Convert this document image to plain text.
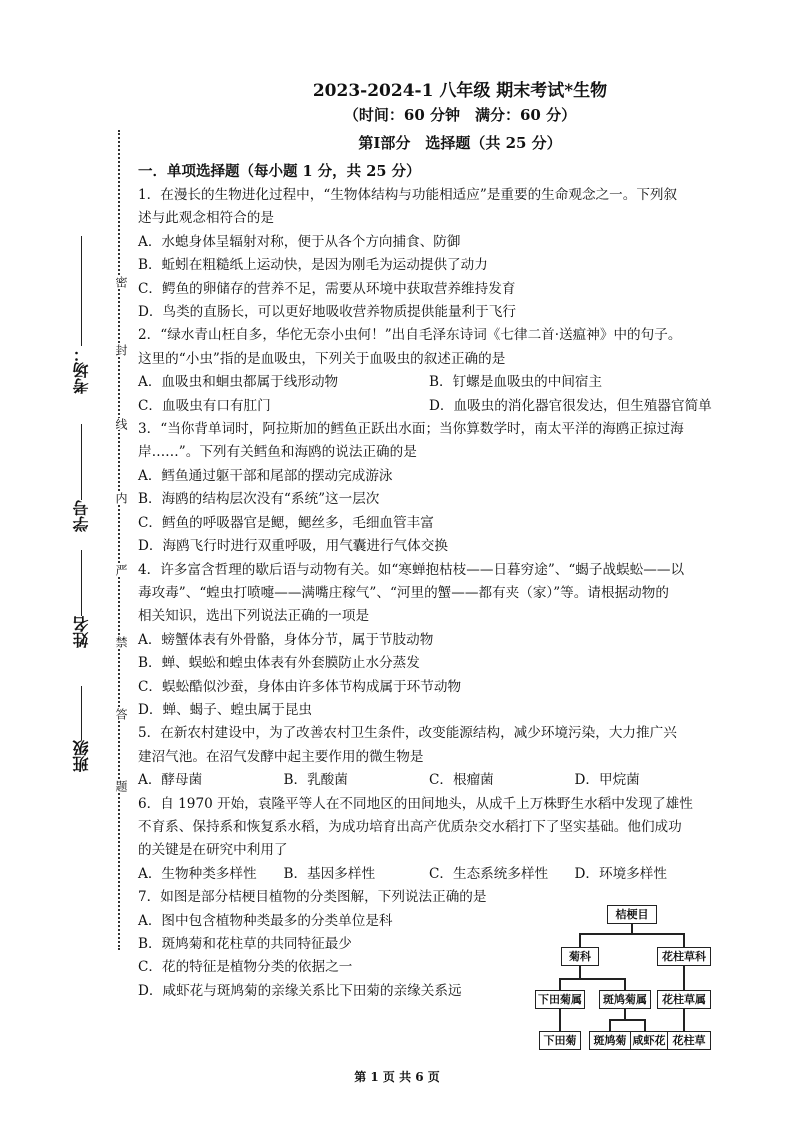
2023-2024-1 八年级 期末考试*生物
（时间：60 分钟　满分：60 分）
第Ⅰ部分　选择题（共 25 分）
一．单项选择题（每小题 1 分，共 25 分）
密
封
线
内
严
禁
答
题
考场：
学号
姓名
班级
1．在漫长的生物进化过程中，“生物体结构与功能相适应”是重要的生命观念之一。下列叙
述与此观念相符合的是
A．水螅身体呈辐射对称，便于从各个方向捕食、防御
B．蚯蚓在粗糙纸上运动快，是因为刚毛为运动提供了动力
C．鳄鱼的卵储存的营养不足，需要从环境中获取营养维持发育
D．鸟类的直肠长，可以更好地吸收营养物质提供能量利于飞行
2．“绿水青山枉自多，华佗无奈小虫何！”出自毛泽东诗词《七律二首·送瘟神》中的句子。
这里的“小虫”指的是血吸虫，下列关于血吸虫的叙述正确的是
A．血吸虫和蛔虫都属于线形动物	B．钉螺是血吸虫的中间宿主
C．血吸虫有口有肛门	D．血吸虫的消化器官很发达，但生殖器官简单
3．“当你背单词时，阿拉斯加的鳕鱼正跃出水面；当你算数学时，南太平洋的海鸥正掠过海
岸……”。下列有关鳕鱼和海鸥的说法正确的是
A．鳕鱼通过躯干部和尾部的摆动完成游泳
B．海鸥的结构层次没有“系统”这一层次
C．鳕鱼的呼吸器官是鳃，鳃丝多，毛细血管丰富
D．海鸥飞行时进行双重呼吸，用气囊进行气体交换
4．许多富含哲理的歇后语与动物有关。如“寒蝉抱枯枝——日暮穷途”、“蝎子战蜈蚣——以
毒攻毒”、“蝗虫打喷嚏——满嘴庄稼气”、“河里的蟹——都有夹（家）”等。请根据动物的
相关知识，选出下列说法正确的一项是
A．螃蟹体表有外骨骼，身体分节，属于节肢动物
B．蝉、蜈蚣和蝗虫体表有外套膜防止水分蒸发
C．蜈蚣酷似沙蚕，身体由许多体节构成属于环节动物
D．蝉、蝎子、蝗虫属于昆虫
5．在新农村建设中，为了改善农村卫生条件，改变能源结构，减少环境污染，大力推广兴
建沼气池。在沼气发酵中起主要作用的微生物是
A．酵母菌	B．乳酸菌	C．根瘤菌	D．甲烷菌
6．自 1970 开始，袁隆平等人在不同地区的田间地头，从成千上万株野生水稻中发现了雄性
不育系、保持系和恢复系水稻，为成功培育出高产优质杂交水稻打下了坚实基础。他们成功
的关键是在研究中利用了
A．生物种类多样性	B．基因多样性	C．生态系统多样性	D．环境多样性
7．如图是部分桔梗目植物的分类图解，下列说法正确的是
A．图中包含植物种类最多的分类单位是科
B．斑鸠菊和花柱草的共同特征最少
C．花的特征是植物分类的依据之一
D．咸虾花与斑鸠菊的亲缘关系比下田菊的亲缘关系远
桔梗目
菊科	花柱草科
下田菊属	斑鸠菊属	花柱草属
下田菊	斑鸠菊 咸虾花 花柱草
第 1 页 共 6 页
